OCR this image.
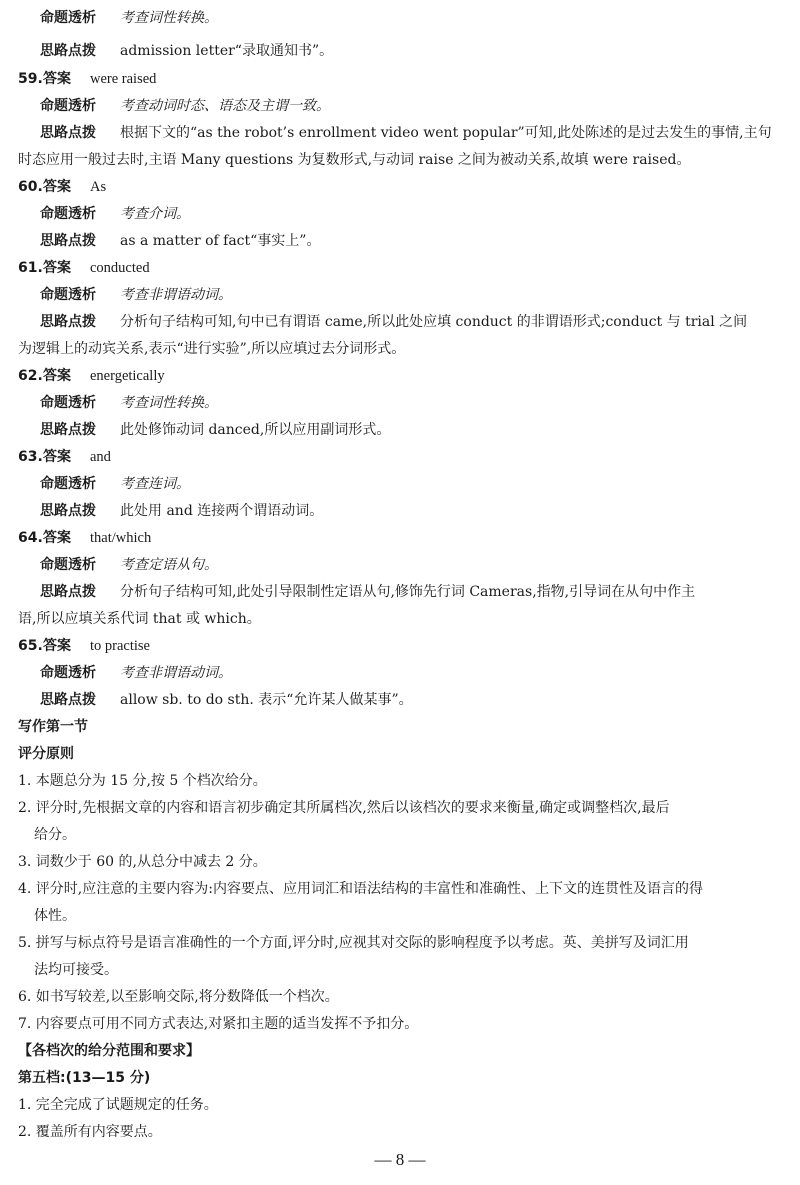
命题透析 考查词性转换。
思路点拨 admission letter“录取通知书”。
59. 答案 were raised
命题透析 考查动词时态、语态及主谓一致。
思路点拨 根据下文的“as the robot’s enrollment video went popular”可知,此处陈述的是过去发生的事情,主句
时态应用一般过去时,主语 Many questions 为复数形式,与动词 raise 之间为被动关系,故填 were raised。
60. 答案 As
命题透析 考查介词。
思路点拨 as a matter of fact“事实上”。
61. 答案 conducted
命题透析 考查非谓语动词。
思路点拨 分析句子结构可知,句中已有谓语 came,所以此处应填 conduct 的非谓语形式;conduct 与 trial 之间
为逻辑上的动宾关系,表示“进行实验”,所以应填过去分词形式。
62. 答案 energetically
命题透析 考查词性转换。
思路点拨 此处修饰动词 danced,所以应用副词形式。
63. 答案 and
命题透析 考查连词。
思路点拨 此处用 and 连接两个谓语动词。
64. 答案 that/which
命题透析 考查定语从句。
思路点拨 分析句子结构可知,此处引导限制性定语从句,修饰先行词 Cameras,指物,引导词在从句中作主
语,所以应填关系代词 that 或 which。
65. 答案 to practise
命题透析 考查非谓语动词。
思路点拨 allow sb. to do sth. 表示“允许某人做某事”。
写作第一节
评分原则
1. 本题总分为 15 分,按 5 个档次给分。
2. 评分时,先根据文章的内容和语言初步确定其所属档次,然后以该档次的要求来衡量,确定或调整档次,最后
给分。
3. 词数少于 60 的,从总分中减去 2 分。
4. 评分时,应注意的主要内容为:内容要点、应用词汇和语法结构的丰富性和准确性、上下文的连贯性及语言的得
体性。
5. 拼写与标点符号是语言准确性的一个方面,评分时,应视其对交际的影响程度予以考虑。英、美拼写及词汇用
法均可接受。
6. 如书写较差,以至影响交际,将分数降低一个档次。
7. 内容要点可用不同方式表达,对紧扣主题的适当发挥不予扣分。
【各档次的给分范围和要求】
第五档:(13—15 分)
1. 完全完成了试题规定的任务。
2. 覆盖所有内容要点。
— 8 —
